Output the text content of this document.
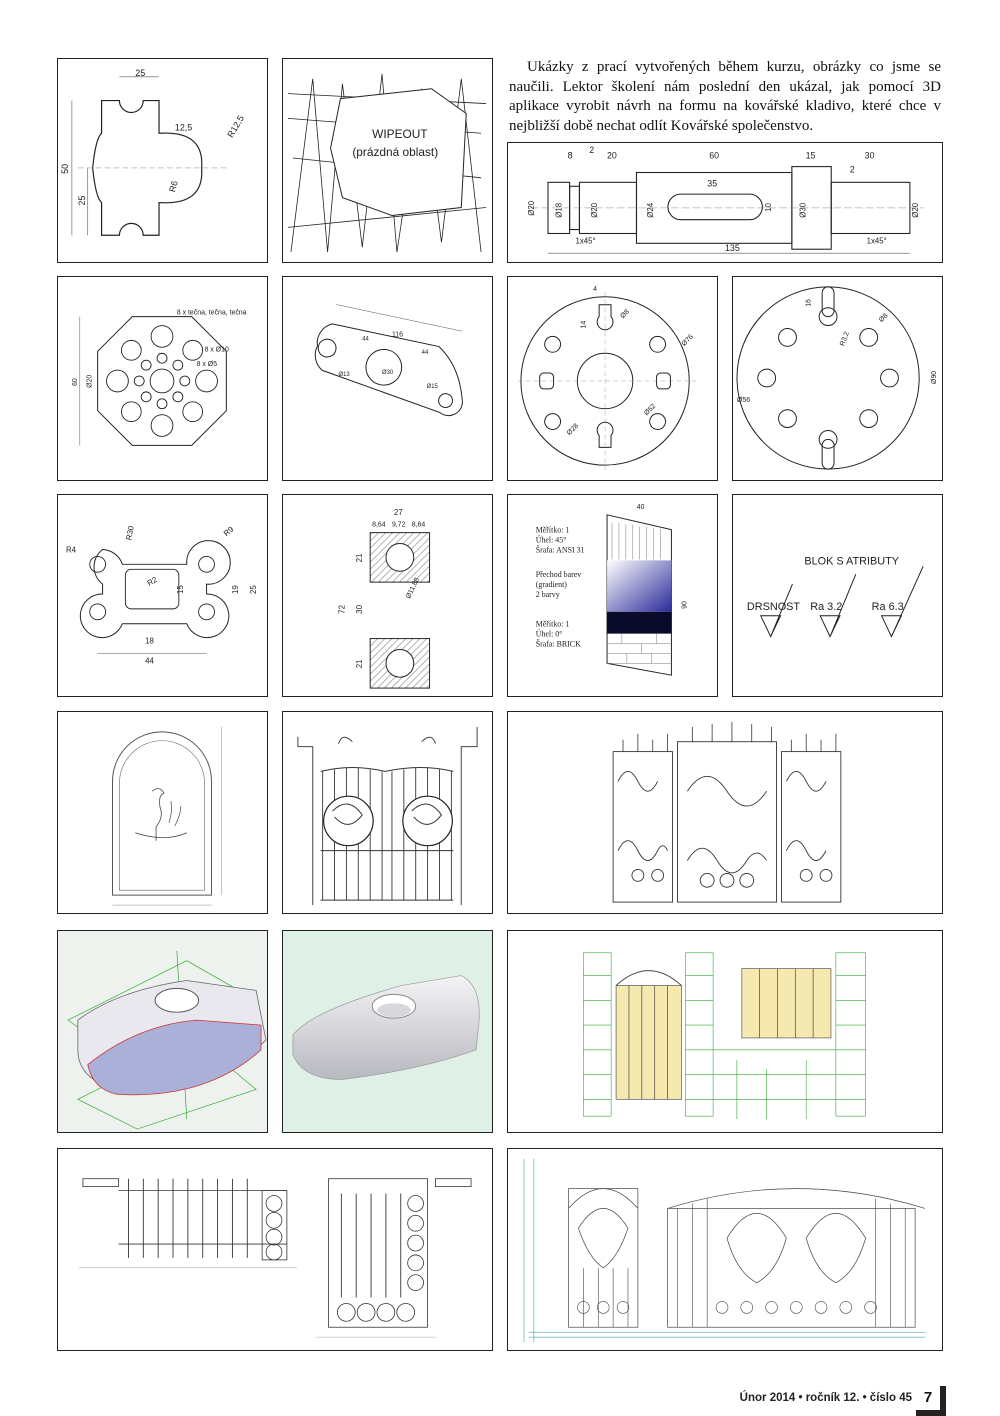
25
12,5	R12,5
50
25
R6
WIPEOUT
(prázdná oblast)
Ukázky z prací vytvořených během kurzu, obrázky co jsme se naučili. Lektor školení nám poslední den ukázal, jak pomocí 3D aplikace vyrobit návrh na formu na kovářské kladivo, které chce v nejbližší době nechat odlít Kovářské společenstvo.
8
2
20	60	15	30
35
2
Ø20 Ø18	Ø20	Ø24	10	Ø30	Ø20
1x45°	1x45°
135
8 x tečna, tečna, tečna
8 x Ø10
8 x Ø5
60 Ø20
116
44
44
Ø13	Ø30
Ø15
4
14
Ø8
Ø76
Ø28
Ø52
16
Ø8
R3,2
Ø90
Ø56
R4
R30	R9
R2
15	19 25
18
44
27
8,64 9,72 8,64
21
30
72
21
Ø11,88
Měřítko: 1
Úhel: 45°
Šrafa: ANSI 31
Přechod barev
(gradient)
2 barvy
Měřítko: 1
Úhel: 0°
Šrafa: BRICK
40
90
BLOK S ATRIBUTY
DRSNOST Ra 3.2	Ra 6.3
7
Únor 2014 • ročník 12. • číslo 45
